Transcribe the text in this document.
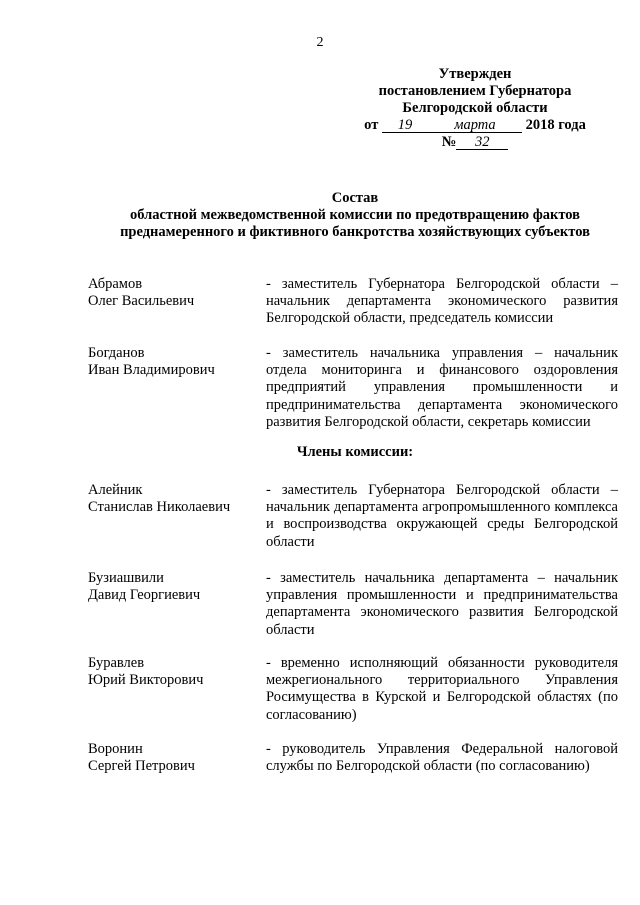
2
Утвержден
постановлением Губернатора
Белгородской области
от 19	марта 2018 года
№ 32
Состав
областной межведомственной комиссии по предотвращению фактов
преднамеренного и фиктивного банкротства хозяйствующих субъектов
Абрамов
Олег Васильевич
- заместитель Губернатора Белгородской области – начальник департамента экономического развития Белгородской области, председатель комиссии
Богданов
Иван Владимирович
- заместитель начальника управления – начальник отдела мониторинга и финансового оздоровления предприятий управления промышленности и предпринимательства департамента экономического развития Белгородской области, секретарь комиссии
Члены комиссии:
Алейник
Станислав Николаевич
- заместитель Губернатора Белгородской области – начальник департамента агропромышленного комплекса и воспроизводства окружающей среды Белгородской области
Бузиашвили
Давид Георгиевич
- заместитель начальника департамента – начальник управления промышленности и предпринимательства департамента экономического развития Белгородской области
Буравлев
Юрий Викторович
- временно исполняющий обязанности руководителя межрегионального территориального Управления Росимущества в Курской и Белгородской областях (по согласованию)
Воронин
Сергей Петрович
- руководитель Управления Федеральной налоговой службы по Белгородской области (по согласованию)
